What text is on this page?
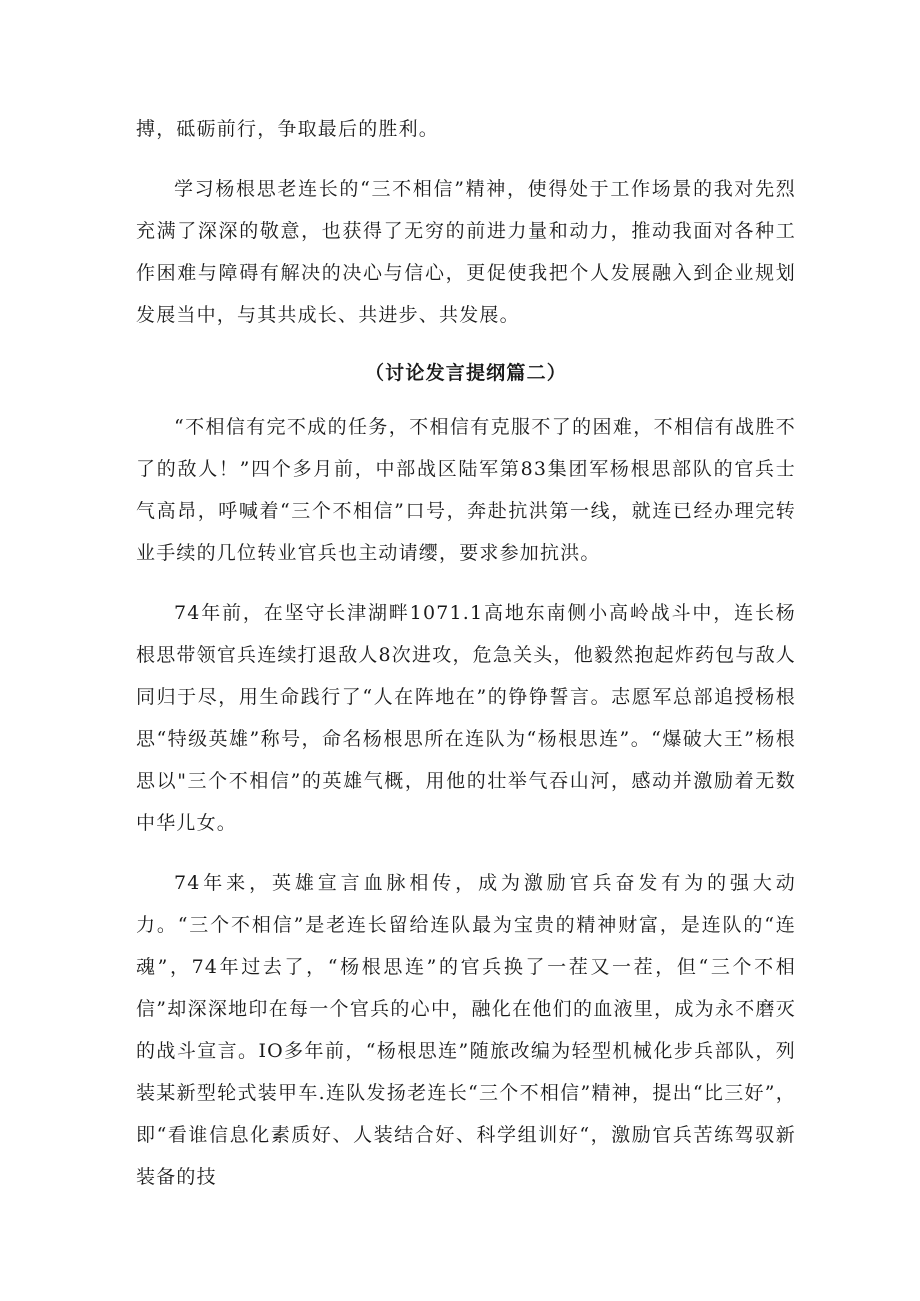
搏，砥砺前行，争取最后的胜利。

学习杨根思老连长的“三不相信”精神，使得处于工作场景的我对先烈充满了深深的敬意，也获得了无穷的前进力量和动力，推动我面对各种工作困难与障碍有解决的决心与信心，更促使我把个人发展融入到企业规划发展当中，与其共成长、共进步、共发展。

（讨论发言提纲篇二）

“不相信有完不成的任务，不相信有克服不了的困难，不相信有战胜不了的敌人！”四个多月前，中部战区陆军第83集团军杨根思部队的官兵士气高昂，呼喊着“三个不相信”口号，奔赴抗洪第一线，就连已经办理完转业手续的几位转业官兵也主动请缨，要求参加抗洪。

74年前，在坚守长津湖畔1071.1高地东南侧小高岭战斗中，连长杨根思带领官兵连续打退敌人8次进攻，危急关头，他毅然抱起炸药包与敌人同归于尽，用生命践行了“人在阵地在”的铮铮誓言。志愿军总部追授杨根思“特级英雄”称号，命名杨根思所在连队为“杨根思连”。“爆破大王”杨根思以"三个不相信”的英雄气概，用他的壮举气吞山河，感动并激励着无数中华儿女。

74年来，英雄宣言血脉相传，成为激励官兵奋发有为的强大动力。“三个不相信”是老连长留给连队最为宝贵的精神财富，是连队的“连魂”，74年过去了，“杨根思连”的官兵换了一茬又一茬，但“三个不相信”却深深地印在每一个官兵的心中，融化在他们的血液里，成为永不磨灭的战斗宣言。IO多年前，“杨根思连”随旅改编为轻型机械化步兵部队，列装某新型轮式装甲车.连队发扬老连长“三个不相信”精神，提出“比三好”，即“看谁信息化素质好、人装结合好、科学组训好“，激励官兵苦练驾驭新装备的技
